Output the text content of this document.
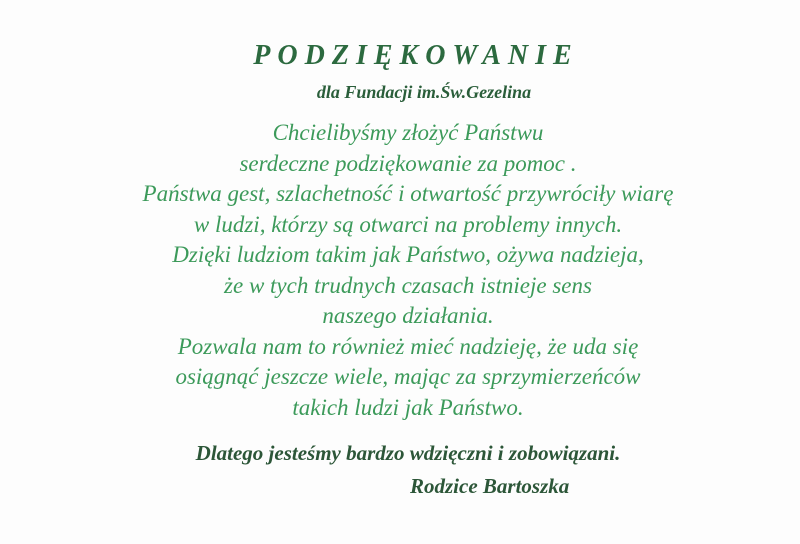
PODZIĘKOWANIE
dla Fundacji im.Św.Gezelina
Chcielibyśmy złożyć Państwu
serdeczne podziękowanie za pomoc .
Państwa gest, szlachetność i otwartość przywróciły wiarę
w ludzi, którzy są otwarci na problemy innych.
Dzięki ludziom takim jak Państwo, ożywa nadzieja,
że w tych trudnych czasach istnieje sens
naszego działania.
Pozwala nam to również mieć nadzieję, że uda się
osiągnąć jeszcze wiele, mając za sprzymierzeńców
takich ludzi jak Państwo.
Dlatego jesteśmy bardzo wdzięczni i zobowiązani.
Rodzice Bartoszka
